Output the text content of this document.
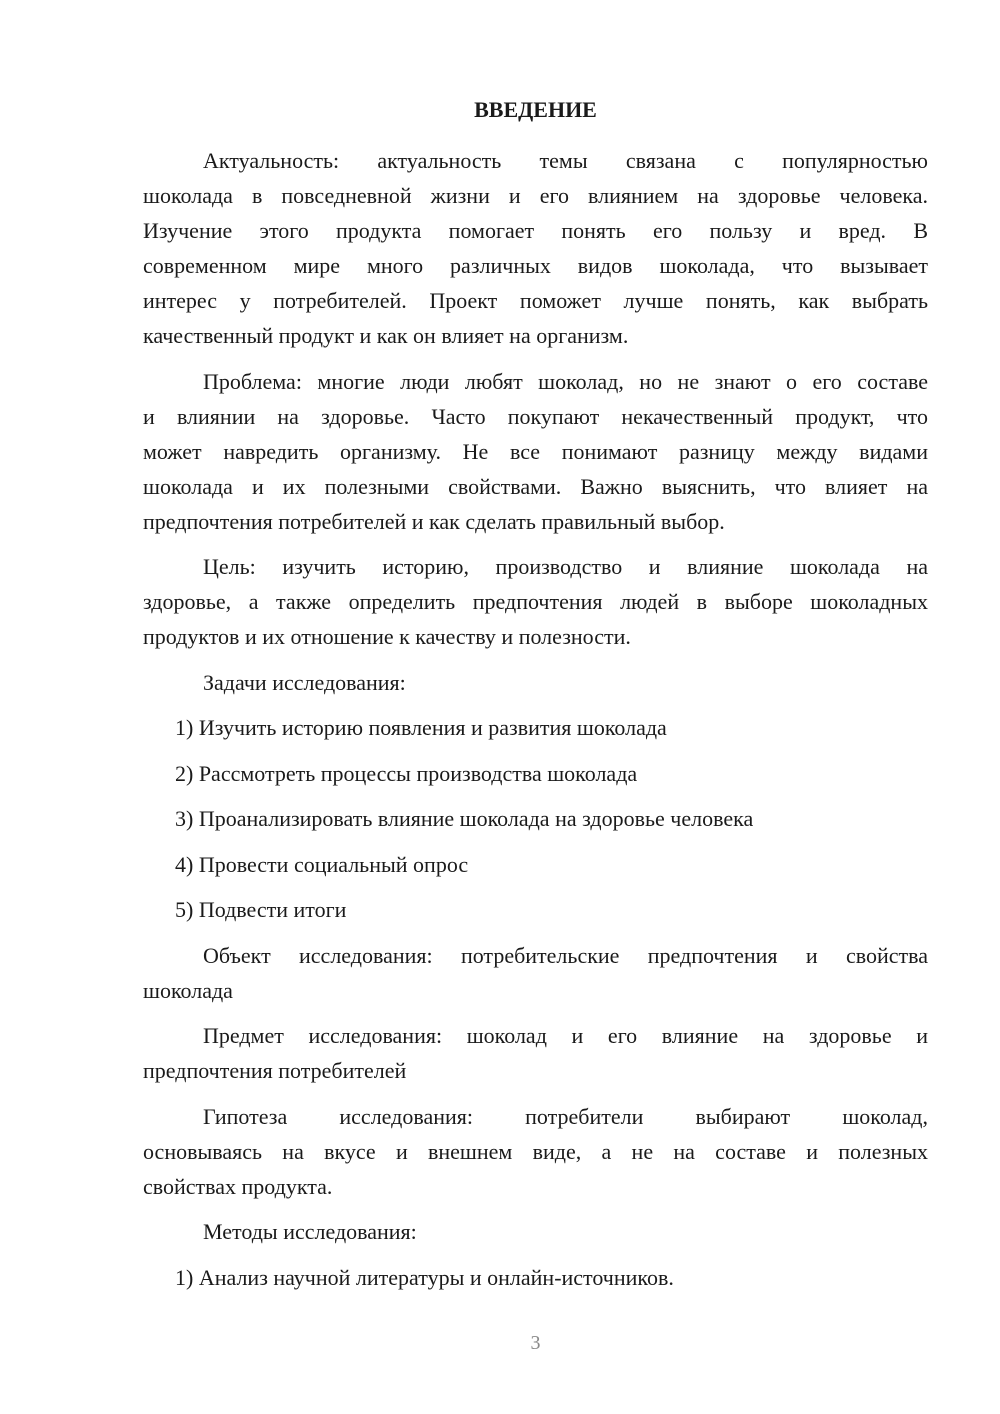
ВВЕДЕНИЕ
Актуальность: актуальность темы связана с популярностью
шоколада в повседневной жизни и его влиянием на здоровье человека.
Изучение этого продукта помогает понять его пользу и вред. В
современном мире много различных видов шоколада, что вызывает
интерес у потребителей. Проект поможет лучше понять, как выбрать
качественный продукт и как он влияет на организм.
Проблема: многие люди любят шоколад, но не знают о его составе
и влиянии на здоровье. Часто покупают некачественный продукт, что
может навредить организму. Не все понимают разницу между видами
шоколада и их полезными свойствами. Важно выяснить, что влияет на
предпочтения потребителей и как сделать правильный выбор.
Цель: изучить историю, производство и влияние шоколада на
здоровье, а также определить предпочтения людей в выборе шоколадных
продуктов и их отношение к качеству и полезности.
Задачи исследования:
1) Изучить историю появления и развития шоколада
2) Рассмотреть процессы производства шоколада
3) Проанализировать влияние шоколада на здоровье человека
4) Провести социальный опрос
5) Подвести итоги
Объект исследования: потребительские предпочтения и свойства
шоколада
Предмет исследования: шоколад и его влияние на здоровье и
предпочтения потребителей
Гипотеза исследования: потребители выбирают шоколад,
основываясь на вкусе и внешнем виде, а не на составе и полезных
свойствах продукта.
Методы исследования:
1) Анализ научной литературы и онлайн-источников.
3
